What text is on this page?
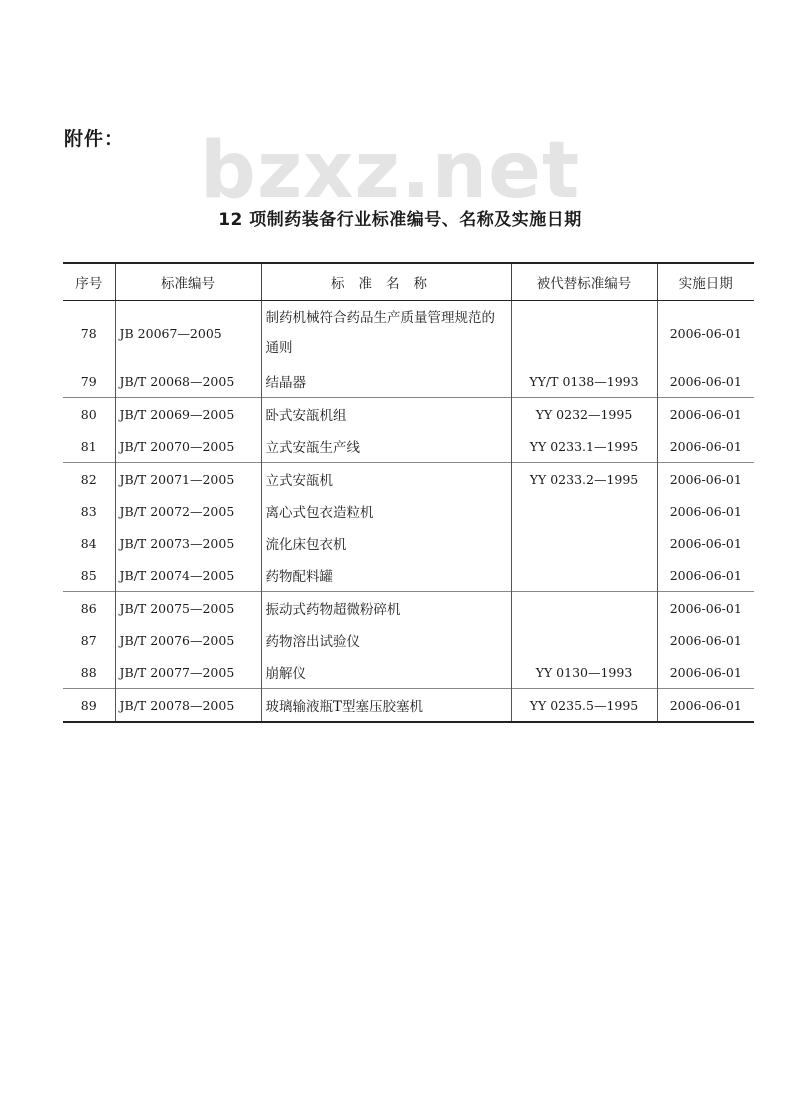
附件： bzxz.net
12 项制药装备行业标准编号、名称及实施日期
序号	标准编号	标准名称	被代替标准编号	实施日期
78	JB 20067—2005	制药机械符合药品生产质量管理规范的通则		2006-06-01
79	JB/T 20068—2005	结晶器	YY/T 0138—1993	2006-06-01
80	JB/T 20069—2005	卧式安瓿机组	YY 0232—1995	2006-06-01
81	JB/T 20070—2005	立式安瓿生产线	YY 0233.1—1995	2006-06-01
82	JB/T 20071—2005	立式安瓿机	YY 0233.2—1995	2006-06-01
83	JB/T 20072—2005	离心式包衣造粒机		2006-06-01
84	JB/T 20073—2005	流化床包衣机		2006-06-01
85	JB/T 20074—2005	药物配料罐		2006-06-01
86	JB/T 20075—2005	振动式药物超微粉碎机		2006-06-01
87	JB/T 20076—2005	药物溶出试验仪		2006-06-01
88	JB/T 20077—2005	崩解仪	YY 0130—1993	2006-06-01
89	JB/T 20078—2005	玻璃输液瓶T型塞压胶塞机	YY 0235.5—1995	2006-06-01
